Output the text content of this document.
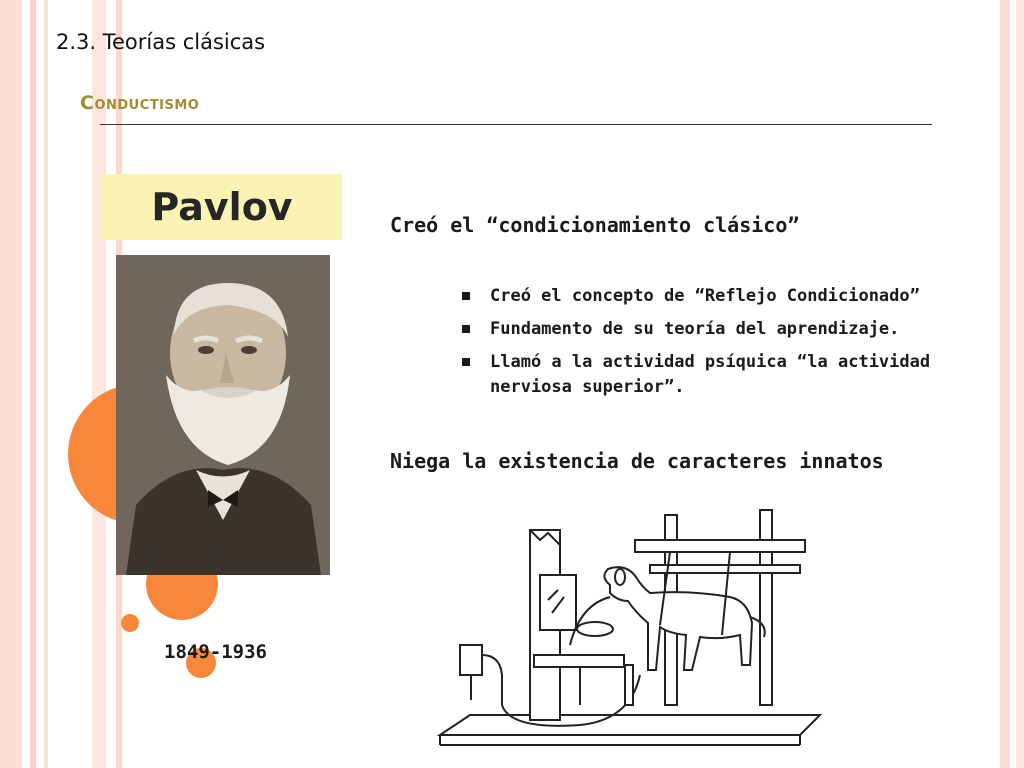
2.3. Teorías clásicas
Conductismo
Pavlov
1849-1936
Creó el “condicionamiento clásico”
Creó el concepto de “Reflejo Condicionado”
Fundamento de su teoría del aprendizaje.
Llamó a la actividad psíquica “la actividad nerviosa superior”.
Niega la existencia de caracteres innatos
